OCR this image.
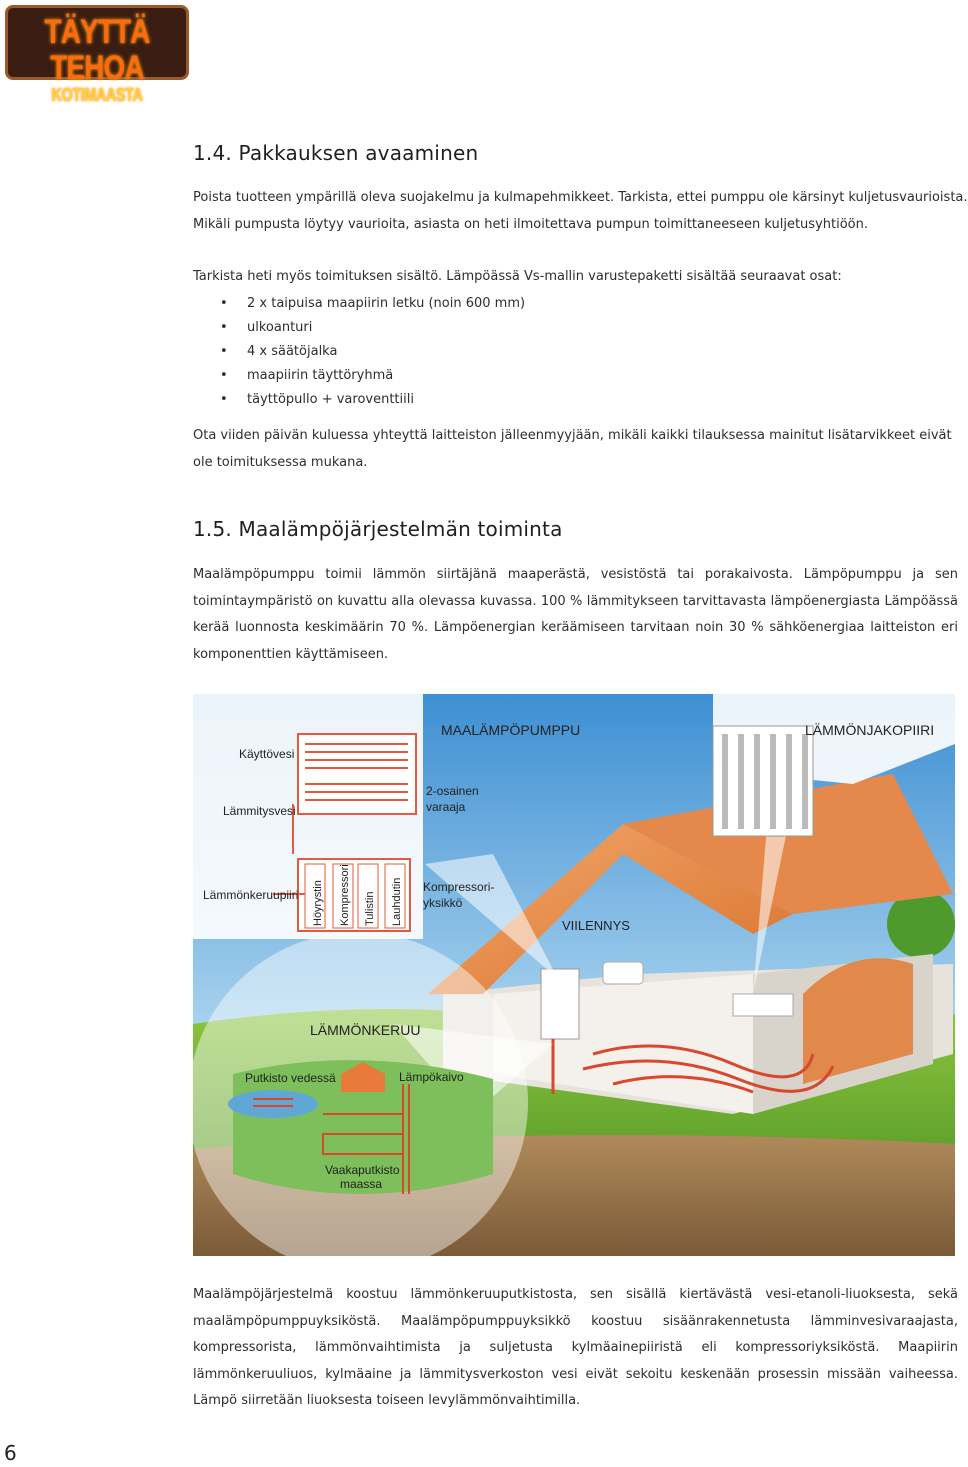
TÄYTTÄ TEHOA
KOTIMAASTA
1.4. Pakkauksen avaaminen

Poista tuotteen ympärillä oleva suojakelmu ja kulmapehmikkeet. Tarkista, ettei pumppu ole kärsinyt kuljetusvaurioista.

Mikäli pumpusta löytyy vaurioita, asiasta on heti ilmoitettava pumpun toimittaneeseen kuljetusyhtiöön.

Tarkista heti myös toimituksen sisältö. Lämpöässä Vs-mallin varustepaketti sisältää seuraavat osat:

• 2 x taipuisa maapiirin letku (noin 600 mm)
• ulkoanturi
• 4 x säätöjalka
• maapiirin täyttöryhmä
• täyttöpullo + varoventtiili

Ota viiden päivän kuluessa yhteyttä laitteiston jälleenmyyjään, mikäli kaikki tilauksessa mainitut lisätarvikkeet eivät ole toimituksessa mukana.

1.5. Maalämpöjärjestelmän toiminta

Maalämpöpumppu toimii lämmön siirtäjänä maaperästä, vesistöstä tai porakaivosta. Lämpöpumppu ja sen toimintaympäristö on kuvattu alla olevassa kuvassa. 100 % lämmitykseen tarvittavasta lämpöenergiasta Lämpöässä kerää luonnosta keskimäärin 70 %. Lämpöenergian keräämiseen tarvitaan noin 30 % sähköenergiaa laitteiston eri komponenttien käyttämiseen.

MAALÄMPÖPUMPPU	LÄMMÖNJAKOPIIRI
Käyttövesi
Lämmitysvesi
2-osainen
varaaja
Lämmönkeruupiiri Höyrystin Kompressori Tulistin Lauhdutin Kompressori-
yksikkö
VIILENNYS
LÄMMÖNKERUU
Putkisto vedessä	Lämpökaivo
Vaakaputkisto
maassa

Maalämpöjärjestelmä koostuu lämmönkeruuputkistosta, sen sisällä kiertävästä vesi-etanoli-liuoksesta, sekä maalämpöpumppuyksiköstä. Maalämpöpumppuyksikkö koostuu sisäänrakennetusta lämminvesivaraajasta, kompressorista, lämmönvaihtimista ja suljetusta kylmäainepiiristä eli kompressoriyksiköstä. Maapiirin lämmönkeruuliuos, kylmäaine ja lämmitysverkoston vesi eivät sekoitu keskenään prosessin missään vaiheessa. Lämpö siirretään liuoksesta toiseen levylämmönvaihtimilla.

6
